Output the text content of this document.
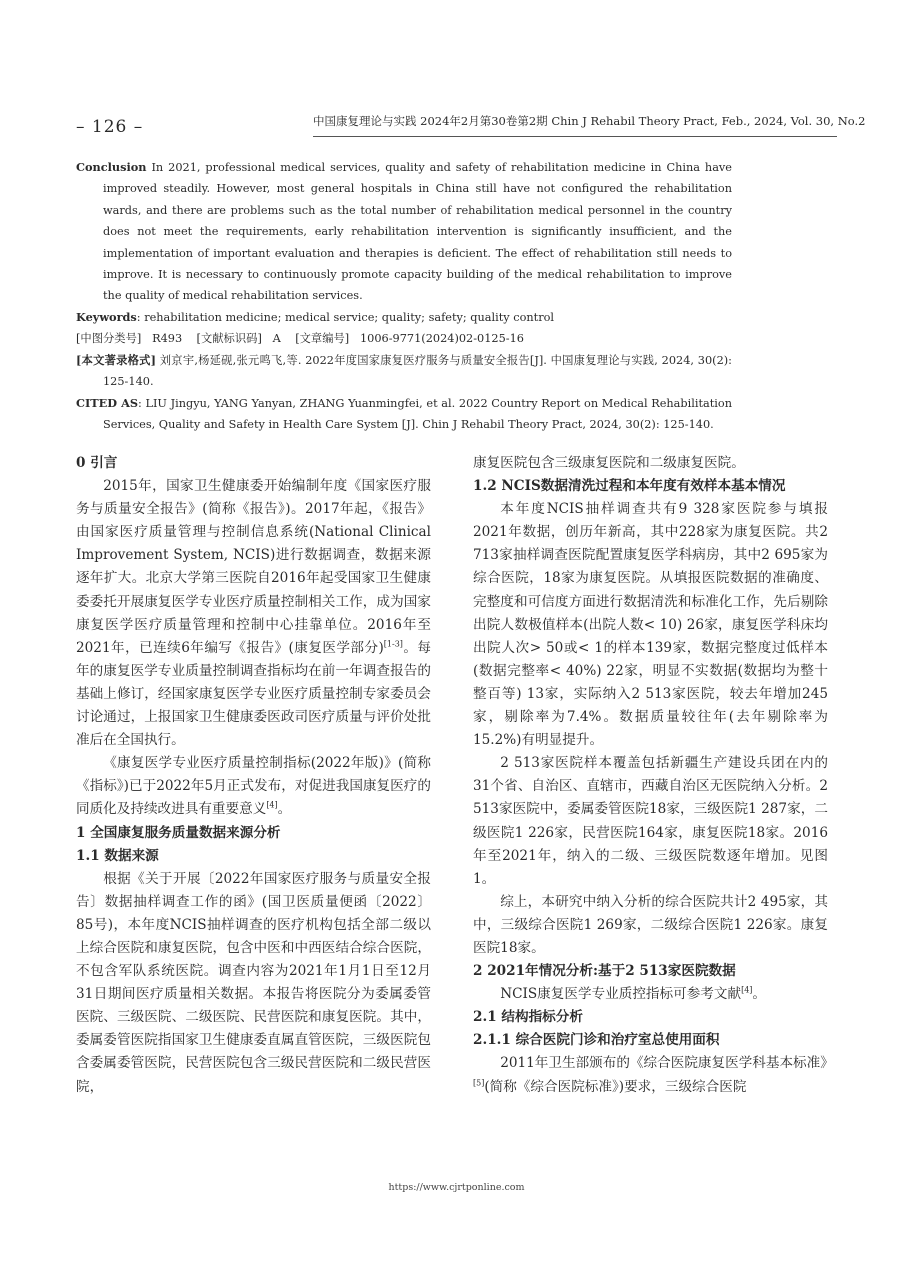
– 126 –	中国康复理论与实践 2024年2月第30卷第2期 Chin J Rehabil Theory Pract, Feb., 2024, Vol. 30, No.2

Conclusion In 2021, professional medical services, quality and safety of rehabilitation medicine in China have improved steadily. However, most general hospitals in China still have not configured the rehabilitation wards, and there are problems such as the total number of rehabilitation medical personnel in the country does not meet the requirements, early rehabilitation intervention is significantly insufficient, and the implementation of important evaluation and therapies is deficient. The effect of rehabilitation still needs to improve. It is necessary to continuously promote capacity building of the medical rehabilitation to improve the quality of medical rehabilitation services.

Keywords: rehabilitation medicine; medical service; quality; safety; quality control

[中图分类号] R493 [文献标识码] A [文章编号] 1006-9771(2024)02-0125-16

[本文著录格式] 刘京宇,杨延砚,张元鸣飞,等. 2022年度国家康复医疗服务与质量安全报告[J]. 中国康复理论与实践, 2024, 30(2): 125-140.

CITED AS: LIU Jingyu, YANG Yanyan, ZHANG Yuanmingfei, et al. 2022 Country Report on Medical Rehabilitation Services, Quality and Safety in Health Care System [J]. Chin J Rehabil Theory Pract, 2024, 30(2): 125-140.

0 引言

2015年，国家卫生健康委开始编制年度《国家医疗服务与质量安全报告》(简称《报告》)。2017年起，《报告》由国家医疗质量管理与控制信息系统(National Clinical Improvement System, NCIS)进行数据调查，数据来源逐年扩大。北京大学第三医院自2016年起受国家卫生健康委委托开展康复医学专业医疗质量控制相关工作，成为国家康复医学医疗质量管理和控制中心挂靠单位。2016年至2021年，已连续6年编写《报告》(康复医学部分)[1-3]。每年的康复医学专业质量控制调查指标均在前一年调查报告的基础上修订，经国家康复医学专业医疗质量控制专家委员会讨论通过，上报国家卫生健康委医政司医疗质量与评价处批准后在全国执行。

《康复医学专业医疗质量控制指标(2022年版)》(简称《指标》)已于2022年5月正式发布，对促进我国康复医疗的同质化及持续改进具有重要意义[4]。

1 全国康复服务质量数据来源分析

1.1 数据来源

根据《关于开展〔2022年国家医疗服务与质量安全报告〕数据抽样调查工作的函》(国卫医质量便函〔2022〕85号)，本年度NCIS抽样调查的医疗机构包括全部二级以上综合医院和康复医院，包含中医和中西医结合综合医院，不包含军队系统医院。调查内容为2021年1月1日至12月31日期间医疗质量相关数据。本报告将医院分为委属委管医院、三级医院、二级医院、民营医院和康复医院。其中，委属委管医院指国家卫生健康委直属直管医院，三级医院包含委属委管医院，民营医院包含三级民营医院和二级民营医院，

康复医院包含三级康复医院和二级康复医院。

1.2 NCIS数据清洗过程和本年度有效样本基本情况

本年度NCIS抽样调查共有9 328家医院参与填报2021年数据，创历年新高，其中228家为康复医院。共2 713家抽样调查医院配置康复医学科病房，其中2 695家为综合医院，18家为康复医院。从填报医院数据的准确度、完整度和可信度方面进行数据清洗和标准化工作，先后剔除出院人数极值样本(出院人数< 10) 26家，康复医学科床均出院人次> 50或< 1的样本139家，数据完整度过低样本(数据完整率< 40%) 22家，明显不实数据(数据均为整十整百等) 13家，实际纳入2 513家医院，较去年增加245家，剔除率为7.4%。数据质量较往年(去年剔除率为15.2%)有明显提升。

2 513家医院样本覆盖包括新疆生产建设兵团在内的31个省、自治区、直辖市，西藏自治区无医院纳入分析。2 513家医院中，委属委管医院18家，三级医院1 287家，二级医院1 226家，民营医院164家，康复医院18家。2016年至2021年，纳入的二级、三级医院数逐年增加。见图1。

综上，本研究中纳入分析的综合医院共计2 495家，其中，三级综合医院1 269家，二级综合医院1 226家。康复医院18家。

2 2021年情况分析:基于2 513家医院数据

NCIS康复医学专业质控指标可参考文献[4]。

2.1 结构指标分析

2.1.1 综合医院门诊和治疗室总使用面积

2011年卫生部颁布的《综合医院康复医学科基本标准》[5](简称《综合医院标准》)要求，三级综合医院

https://www.cjrtponline.com
